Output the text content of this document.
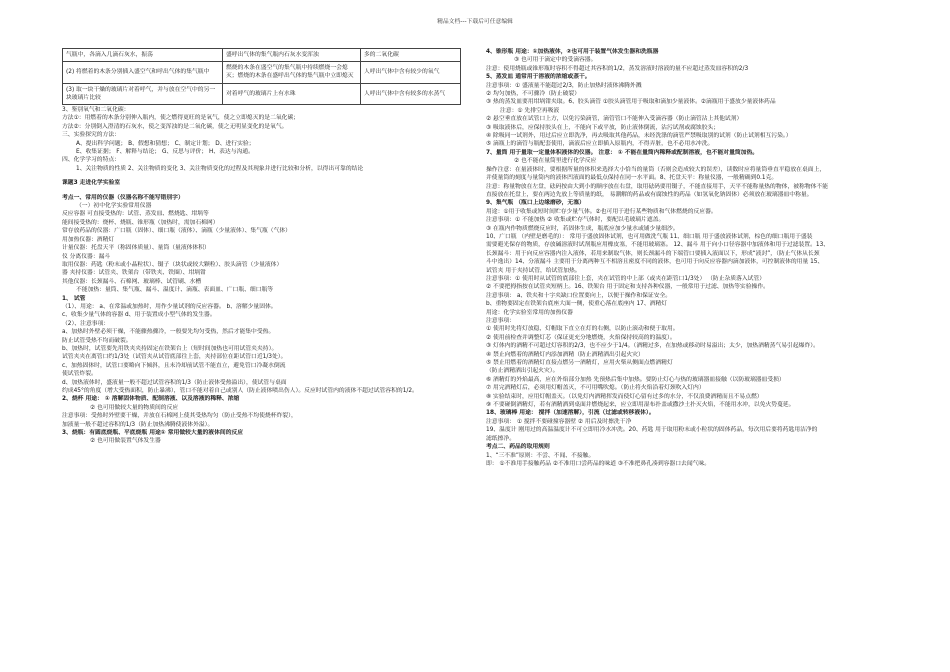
精品文档---下载后可任意编辑
气瓶中，各滴入几滴石灰水，振荡	盛呼出气体的集气瓶内石灰水变浑浊	多的二氧化碳
(2) 将燃着的木条分别插入盛空气和呼出气体的集气瓶中	燃烧的木条在盛空气的集气瓶中持续燃烧一会熄灭；燃烧的木条在盛呼出气体的集气瓶中立即熄灭	人呼出气体中含有较少的氧气
(3) 取一块干燥的玻璃片对着呼气，并与放在空气中的另一块玻璃片比较	对着呼气的玻璃片上有水珠	人呼出气体中含有较多的水蒸气
3、鉴别氧气和二氧化碳：
方法①：用燃着的木条分别伸入瓶内，使之燃得更旺的是氧气，使之立即熄灭的是二氧化碳；
方法②：分别倒入澄清的石灰水，使之变浑浊的是二氧化碳，使之无明显变化的是氧气。
三、实验探究的方法：
A、提出科学问题； B、假想和猜想； C、制定计划； D、进行实验；
E、收集证据； F、解释与结论； G、反思与评价； H、表达与沟通。
四、化学学习的特点：
1、关注物质的性质 2、关注物质的变化 3、关注物质变化的过程及其现象并进行比较和分析，以得出可靠的结论
课题3 走进化学实验室
考点一、常用的仪器（仪器名称不能写错别字）
（一）初中化学实验常用仪器
反应容器 可直接受热的：试管、蒸发皿、燃烧匙、坩埚等
能间接受热的：烧杯、烧瓶、锥形瓶（加热时，需加石棉网）
常存放药品的仪器：广口瓶（固体）、细口瓶（液体）、滴瓶（少量液体）、集气瓶（气体）
用加热仪器：酒精灯
计量仪器：托盘天平（称固体质量）、量筒（量液体体积）
仪 分离仪器：漏斗
取用仪器：药匙（粉末或小晶粒状）、镊子（块状或较大颗粒）、胶头滴管（少量液体）
器 夹持仪器：试管夹、铁架台（带铁夹、铁圈）、坩埚钳
其他仪器：长颈漏斗、石棉网、玻璃棒、试管刷、水槽
不能加热：量筒、集气瓶、漏斗、温度计、滴瓶、表面皿、广口瓶、细口瓶等
1、 试管
（1）、用途： a、在常温或加热时，用作少量试剂的反应容器。 b、溶解少量固体。
c、收集少量气体的容器 d、用于装置成小型气体的发生器。
（2）、注意事项：
a、加热时外壁必须干燥，不能骤热骤冷，一般要先均匀受热，然后才能集中受热。
防止试管受热不均而破裂。
b、加热时，试管要先用铁夹夹持固定在铁架台上（短时间加热也可用试管夹夹持）。
试管夹夹在离管口约1/3处（试管夹从试管底部往上套，夹持部位在距试管口近1/3处）。
c、加热固体时，试管口要略向下倾斜，且未冷却前试管不能直立，避免管口冷凝水倒流
使试管炸裂。
d、加热液体时，盛液量一般不超过试管容积的1/3（防止液体受热溢出），使试管与桌面
约成45°的角度（增大受热面积，防止暴沸），管口不能对着自己或别人（防止液体喷出伤人）。反应时试管内的液体不超过试管容积的1/2。
2、烧杯 用途： ① 溶解固体物质、配制溶液、以及溶液的稀释、浓缩
② 也可用做较大量的物质间的反应
注意事项：受热时外壁要干燥，并放在石棉网上使其受热均匀（防止受热不均使烧杯炸裂），
加液量一般不超过容积的1/3（防止加热沸腾使液体外溢）。
3、烧瓶：有圆底烧瓶、平底烧瓶 用途① 常用做较大量的液体间的反应
② 也可用做装置气体发生器
4、锥形瓶 用途：①加热液体，②也可用于装置气体发生器和洗瓶器
③ 也可用于滴定中的受滴容器。
注意：使用烧瓶或锥形瓶时容积不得超过其容积的1/2，蒸发溶液时溶液的量不应超过蒸发皿容积的2/3
5、蒸发皿 通常用于溶液的浓缩或蒸干。
注意事项：① 盛液量不能超过2/3，防止加热时液体沸腾外溅
② 均匀加热，不可骤冷（防止破裂）
③ 热的蒸发皿要用坩埚钳夹取。6、胶头滴管 ①胶头滴管用于吸取和滴加少量液体。②滴瓶用于盛放少量液体药品
注意：① 先排空再吸液
② 悬空垂直放在试管口上方，以免污染滴管，滴管管口不能伸入受滴容器（防止滴管沾上其他试剂）
③ 吸取液体后，应保持胶头在上，不能向下或平放，防止液体倒流，沾污试剂或腐蚀胶头；
④ 除吸同一试剂外，用过后应立即洗净，再去吸取其他药品，未经洗涤的滴管严禁吸取别的试剂（防止试剂相互污染。）
⑤ 滴瓶上的滴管与瓶配套使用，滴液后应立即插入原瓶内，不得弄脏，也不必用水冲洗。
7、量筒 用于量取一定量体积液体的仪器。 注意： ① 不能在量筒内稀释或配制溶液，也不能对量筒加热。
② 也不能在量筒里进行化学反应
操作注意：在量液体时，要根据所量的体积来选择大小恰当的量筒（否则会造成较大的误差），读数时应将量筒垂直平稳放在桌面上，
并使量筒的刻度与量筒内的液体凹液面的最低点保持在同一水平面。8、托盘天平：称量仪器，一般精确到0.1克。
注意：称量物放在左盘，砝码按由大到小的顺序放在右盘，取用砝码要用镊子，不能直接用手，天平不能称量热的物体，被称物体不能
直接放在托盘上，要在两边先放上等质量的纸， 易潮解的药品或有腐蚀性的药品（如氢氧化钠固体）必须放在玻璃器皿中称量。
9、集气瓶 （瓶口上边缘磨砂，无塞）
用途：①用于收集或短时间贮存少量气体。②也可用于进行某些物质和气体燃烧的反应器。
注意事项：① 不能加热 ② 收集或贮存气体时，要配以毛玻璃片遮盖。
③ 在瓶内作物质燃烧反应时，若固体生成，瓶底应加少量水或铺少量细沙。
10、广口瓶 （内壁是磨毛的）： 常用于盛放固体试剂，也可用做洗气瓶 11、细口瓶 用于盛放液体试剂，棕色的细口瓶用于盛装
需要避光保存的物质，存放碱溶液时试剂瓶应用橡皮塞，不能用玻璃塞。 12、漏斗 用于向小口径容器中加液体和用于过滤装置。13、
长颈漏斗：用于向反应容器内注入液体，若用来制取气体，则长颈漏斗的下端管口要插入液面以下，形成“液封”，（防止气体从长颈
斗中逸出）14、分液漏斗 主要用于分离两种互不相溶且密度不同的液体，也可用于向反应容器内滴加液体，可控制液体的用量 15、
试管夹 用于夹持试管，给试管加热。
注意事项：① 使用时从试管的底部往上套，夹在试管的中上部（或夹在距管口1/3处） （防止杂质落入试管）
② 不要把拇指按在试管夹短柄上。16、铁架台 用于固定和支持各种仪器，一般常用于过滤、加热等实验操作。
注意事项： a、铁夹和十字夹缺口位置要向上，以便于操作和保证安全。
b、重物要固定在铁架台底座大面一侧，使重心落在底座内 17、酒精灯
用途：化学实验室常用的加热仪器
注意事项：
① 使用时先将灯放稳，灯帽取下直立在灯的右侧，以防止滚动和便于取用。
② 使用前检查并调整灯芯（保证更充分地燃烧，火焰保持较高的的温度）。
③ 灯体内的酒精不可超过灯容积的2/3，也不应少于1/4。（酒精过多，在加热或移动时易溢出；太少，加热酒精蒸气易引起爆炸）。
④ 禁止向燃着的酒精灯内添加酒精（防止酒精洒出引起火灾）
⑤ 禁止用燃着的酒精灯直接点燃另一酒精灯，应用火柴从侧面点燃酒精灯
（防止酒精洒出引起火灾）。
⑥ 酒精灯的外焰最高，应在外焰部分加热 先预热后集中加热。要防止灯心与热的玻璃器皿接触（以防玻璃器皿受损）
⑦ 用完酒精灯后，必须用灯帽盖灭，不可用嘴吹熄。（防止将火焰沿着灯颈吹入灯内）
⑧ 实验结束时，应用灯帽盖灭。（以免灯内酒精挥发而使灯心留有过多的水分，不仅浪费酒精而且不易点燃）
⑨ 不要碰倒酒精灯，若有酒精洒到桌面并燃烧起来，应立即用湿布扑盖或撒沙土扑灭火焰，不能用水冲，以免火势蔓延。
18、玻璃棒 用途： 搅拌（加速溶解），引流（过滤或转移液体）。
注意事项： ① 搅拌不要碰撞容器壁 ② 用后及时擦洗干净
19、温度计 刚用过的高温温度计不可立即用冷水冲洗。20、药匙 用于取用粉末或小粒状的固体药品，每次用后要将药匙用洁净的
滤纸擦净。
考点二、药品的取用规则
1、“三不准”原则：不尝、不闻、不接触。
即： ①不准用手接触药品 ②不准用口尝药品的味道 ③不准把鼻孔凑到容器口去闻气味。
